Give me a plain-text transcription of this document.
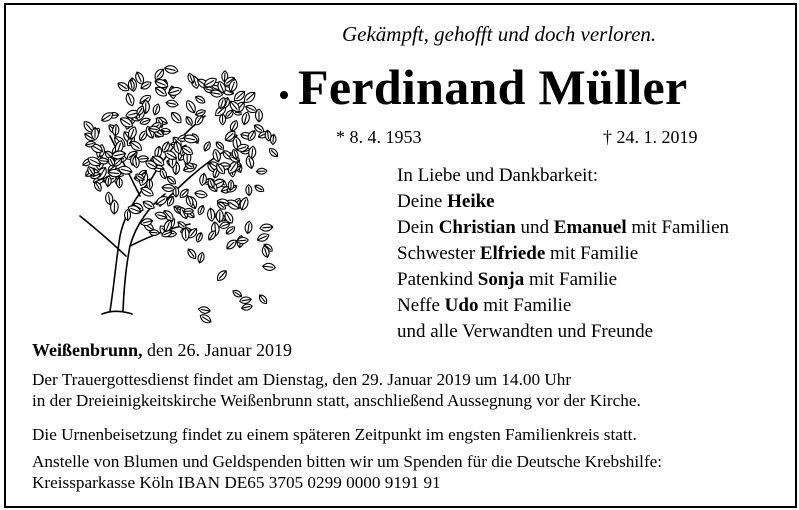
Gekämpft, gehofft und doch verloren.
Ferdinand Müller
* 8. 4. 1953	† 24. 1. 2019
In Liebe und Dankbarkeit:
Deine Heike
Dein Christian und Emanuel mit Familien
Schwester Elfriede mit Familie
Patenkind Sonja mit Familie
Neffe Udo mit Familie
und alle Verwandten und Freunde
Weißenbrunn, den 26. Januar 2019
Der Trauergottesdienst findet am Dienstag, den 29. Januar 2019 um 14.00 Uhr
in der Dreieinigkeitskirche Weißenbrunn statt, anschließend Aussegnung vor der Kirche.
Die Urnenbeisetzung findet zu einem späteren Zeitpunkt im engsten Familienkreis statt.
Anstelle von Blumen und Geldspenden bitten wir um Spenden für die Deutsche Krebshilfe:
Kreissparkasse Köln IBAN DE65 3705 0299 0000 9191 91
